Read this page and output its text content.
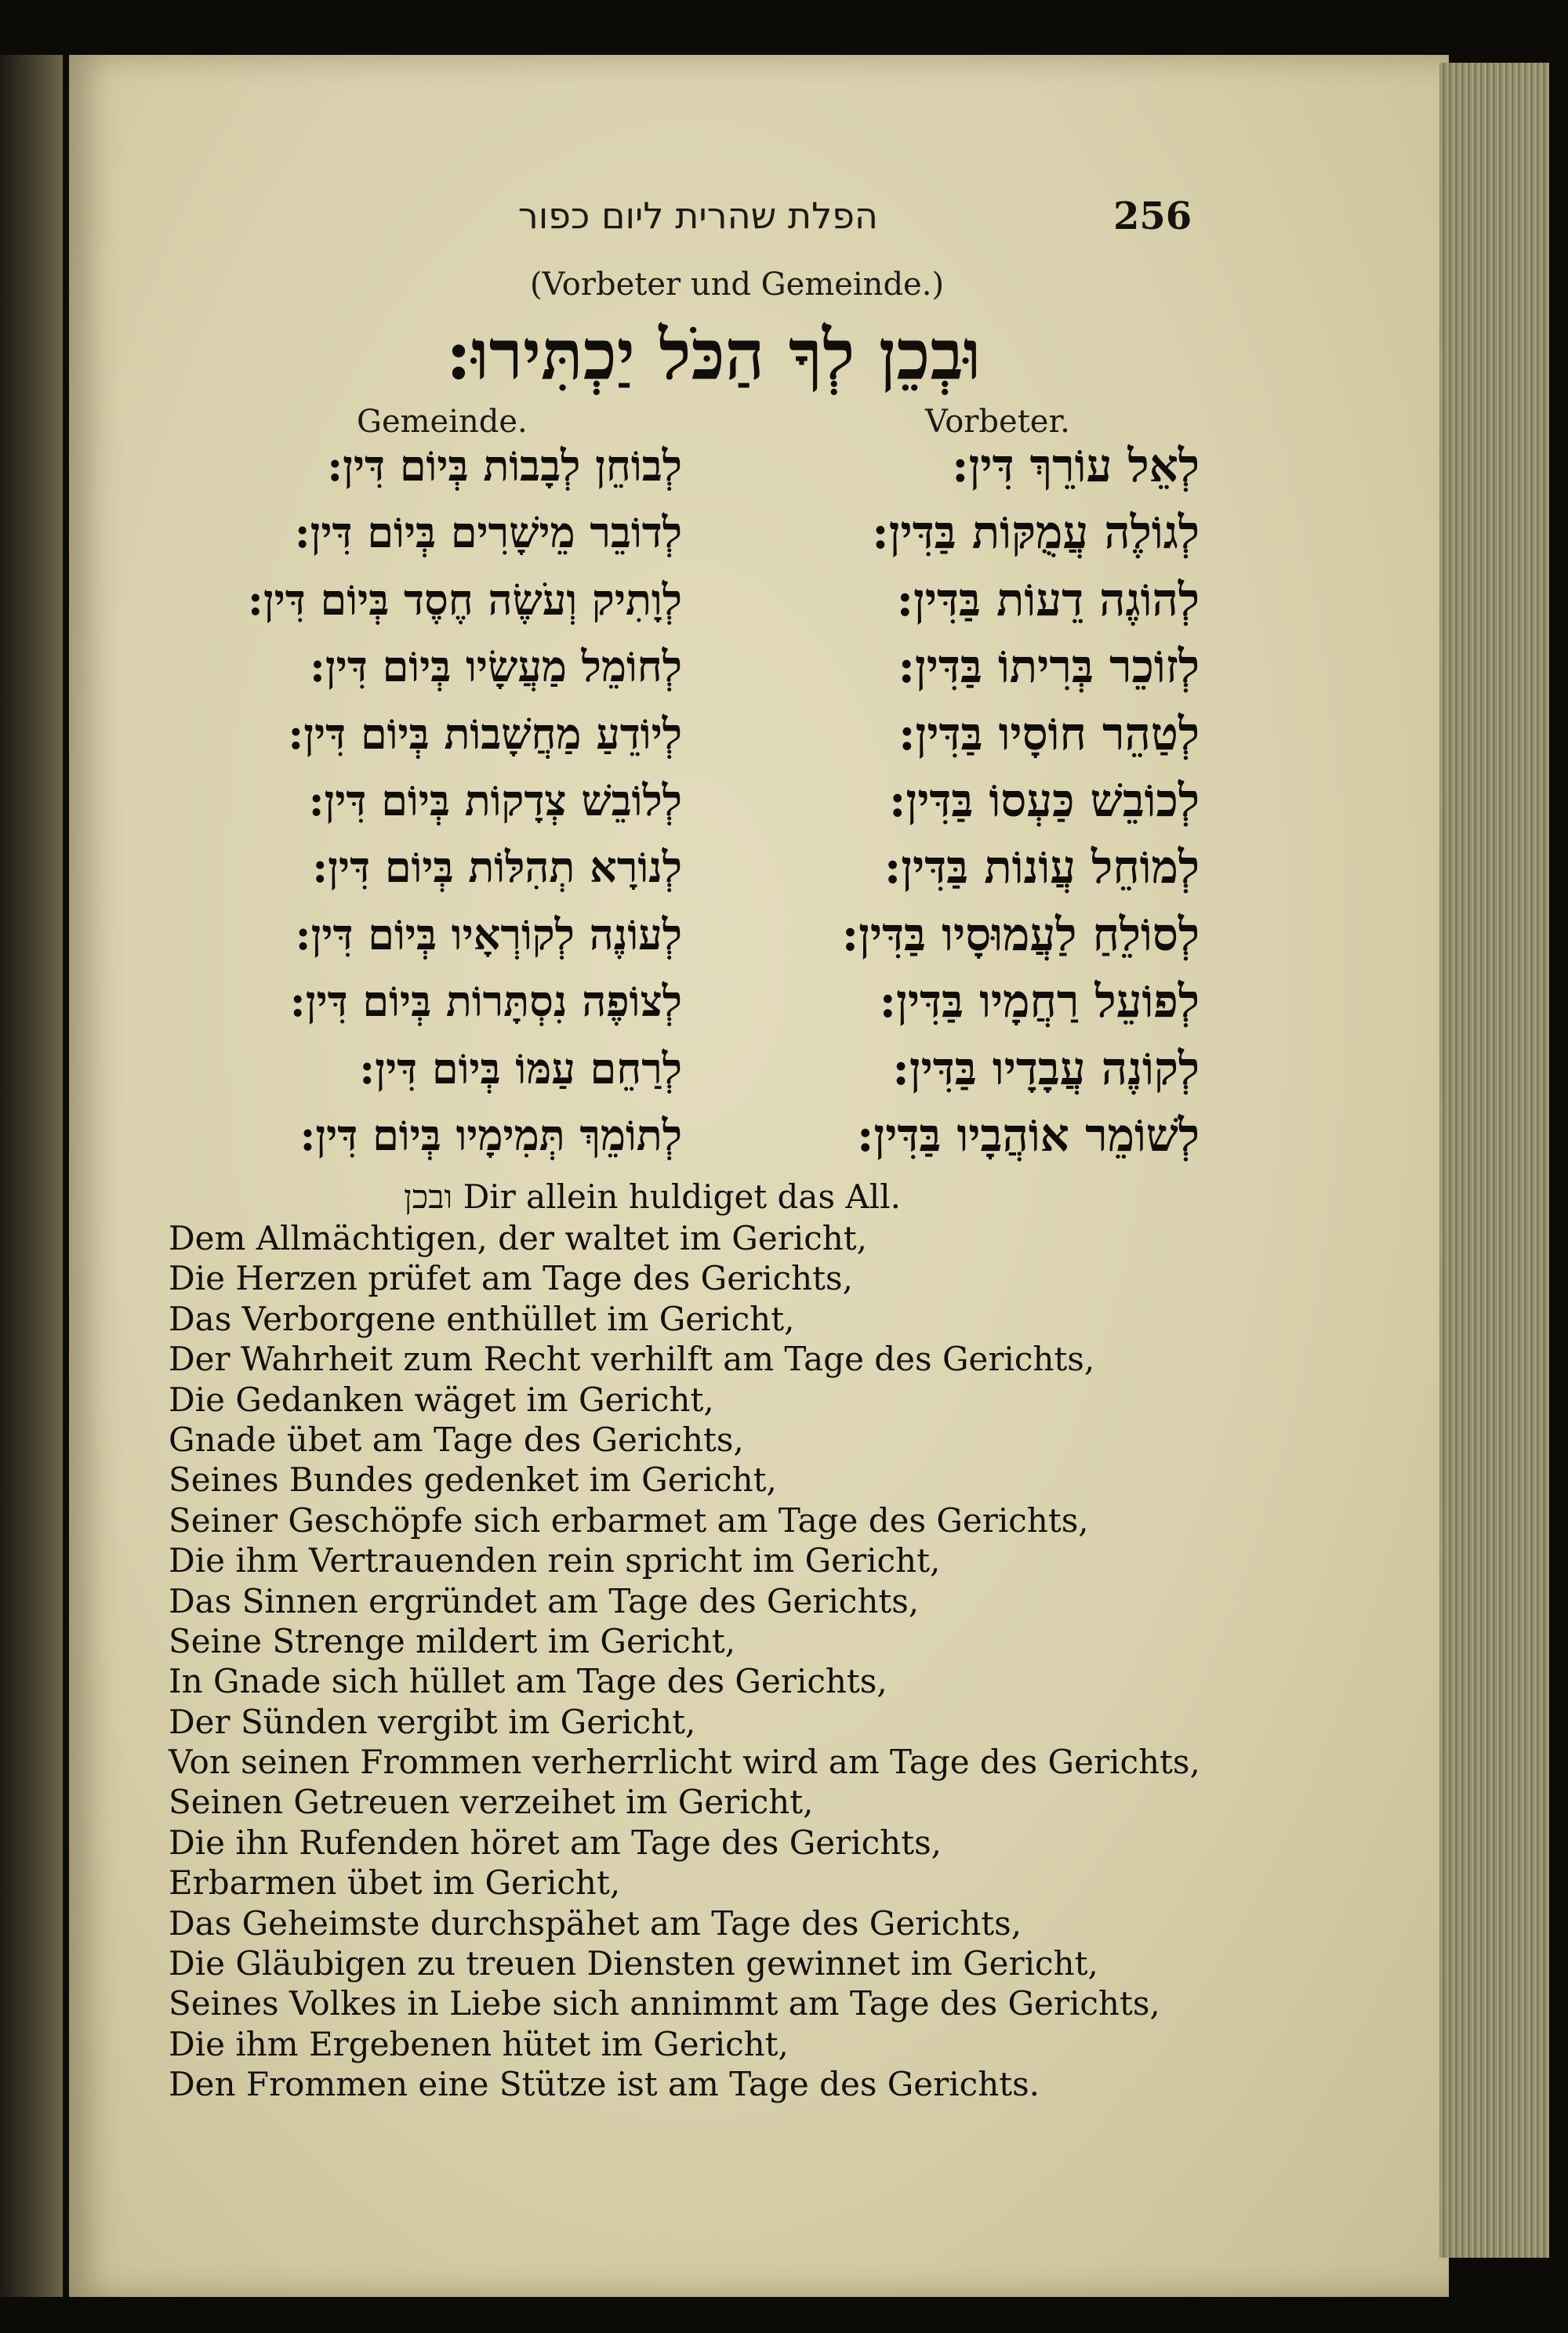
הפלת שהרית ליום כפור	256
(Vorbeter und Gemeinde.)
וּבְכֵן לְךָ הַכֹּל יַכְתִּירוּ:
Gemeinde.	Vorbeter.
לְאֵל עוֹרֵךְ דִּין:
לְגוֹלֶה עֲמֻקּוֹת בַּדִּין:
לְהוֹגֶה דֵעוֹת בַּדִּין:
לְזוֹכֵר בְּרִיתוֹ בַּדִּין:
לְטַהֵר חוֹסָיו בַּדִּין:
לְכוֹבֵשׁ כַּעְסוֹ בַּדִּין:
לְמוֹחֵל עֲוֹנוֹת בַּדִּין:
לְסוֹלֵחַ לַעֲמוּסָיו בַּדִּין:
לְפוֹעֵל רַחֲמָיו בַּדִּין:
לְקוֹנֶה עֲבָדָיו בַּדִּין:
לְשׁוֹמֵר אוֹהֲבָיו בַּדִּין:
לְבוֹחֵן לְבָבוֹת בְּיוֹם דִּין:
לְדוֹבֵר מֵישָׁרִים בְּיוֹם דִּין:
לְוָתִיק וְעֹשֶׂה חֶסֶד בְּיוֹם דִּין:
לְחוֹמֵל מַעֲשָׂיו בְּיוֹם דִּין:
לְיוֹדֵעַ מַחֲשָׁבוֹת בְּיוֹם דִּין:
לְלוֹבֵשׁ צְדָקוֹת בְּיוֹם דִּין:
לְנוֹרָא תְהִלּוֹת בְּיוֹם דִּין:
לְעוֹנֶה לְקוֹרְאָיו בְּיוֹם דִּין:
לְצוֹפֶה נִסְתָּרוֹת בְּיוֹם דִּין:
לְרַחֵם עַמּוֹ בְּיוֹם דִּין:
לְתוֹמֵךְ תְּמִימָיו בְּיוֹם דִּין:
ובכן Dir allein huldiget das All.
Dem Allmächtigen, der waltet im Gericht,
Die Herzen prüfet am Tage des Gerichts,
Das Verborgene enthüllet im Gericht,
Der Wahrheit zum Recht verhilft am Tage des Gerichts,
Die Gedanken wäget im Gericht,
Gnade übet am Tage des Gerichts,
Seines Bundes gedenket im Gericht,
Seiner Geschöpfe sich erbarmet am Tage des Gerichts,
Die ihm Vertrauenden rein spricht im Gericht,
Das Sinnen ergründet am Tage des Gerichts,
Seine Strenge mildert im Gericht,
In Gnade sich hüllet am Tage des Gerichts,
Der Sünden vergibt im Gericht,
Von seinen Frommen verherrlicht wird am Tage des Gerichts,
Seinen Getreuen verzeihet im Gericht,
Die ihn Rufenden höret am Tage des Gerichts,
Erbarmen übet im Gericht,
Das Geheimste durchspähet am Tage des Gerichts,
Die Gläubigen zu treuen Diensten gewinnet im Gericht,
Seines Volkes in Liebe sich annimmt am Tage des Gerichts,
Die ihm Ergebenen hütet im Gericht,
Den Frommen eine Stütze ist am Tage des Gerichts.
